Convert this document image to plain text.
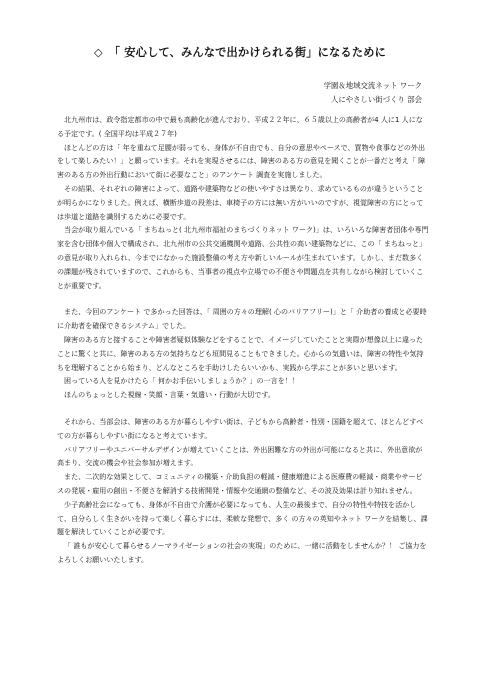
◇ 「 安心して、みんなで出かけられる街」になるために
学園＆地域交流ネット ワーク
人にやさしい街づくり 部会

北九州市は、政令指定都市の中で最も高齢化が進んでおり、平成２２年に、６５歳以上の高齢者が4 人に1 人になる予定です。( 全国平均は平成２７年)

ほとんどの方は「 年を重ねて足腰が弱っても、身体が不自由でも、自分の意思やペースで、買物や食事などの外出をして楽しみたい！」と願っています。それを実現させるには、障害のある方の意見を聞くことが一番だと考え「 障害のある方の外出行動において街に必要なこと」のアンケート 調査を実施しました。

その結果、それぞれの障害によって、道路や建築物などの使いやすさは異なり、求めているものが違うということが明らかになりました。例えば、横断歩道の段差は、車椅子の方には無い方がいいのですが、視覚障害の方にとっては歩道と道路を識別するために必要です。

当会が取り組んでいる「 まちねっと( 北九州市福祉のまちづくりネット ワーク)」は、いろいろな障害者団体や専門家を含む団体や個人で構成され、北九州市の公共交通機関や道路、公共性の高い建築物などに、この「 まちねっと」の意見が取り入れられ、今までになかった施設整備の考え方や新しいルールが生まれています。しかし、まだ数多くの課題が残されていますので、これからも、当事者の視点や立場での不便さや問題点を共有しながら検討していくことが重要です。

また、今回のアンケート で多かった回答は、「 周囲の方々の理解( 心のバリアフリー)」と「 介助者の養成と必要時に介助者を確保できるシステム」でした。

障害のある方と接することや障害者疑似体験などをすることで、イメージしていたことと実際が想像以上に違ったことに驚くと共に、障害のある方の気持ちなども垣間見ることもできました。心からの気遣いは、障害の特性や気持ちを理解することから始まり、どんなところを手助けしたらいいかも、実践から学ぶことが多いと思います。

困っている人を見かけたら「 何かお手伝いしましょうか？」の一言を！！

ほんのちょっとした視線・笑顔・言葉・気遣い・行動が大切です。

それから、当部会は、障害のある方が暮らしやすい街は、子どもから高齢者・性別・国籍を超えて、ほとんどすべての方が暮らしやすい街になると考えています。

バリアフリーやユニバーサルデザインが増えていくことは、外出困難な方の外出が可能になると共に、外出意欲が高まり、交流の機会や社会参加が増えます。

また、二次的な効果として、コミュニティの構築・介助負担の軽減・健康増進による医療費の軽減・商業やサービスの発展・雇用の創出・不便さを解消する技術開発・情報や交通網の整備など、その波及効果は計り知れません。

少子高齢社会になっても、身体が不自由で介護が必要になっても、人生の最後まで、自分の特性や特技を活かして、自分らしく生きがいを持って楽しく暮らすには、柔軟な発想で、多く の方々の英知やネット ワークを結集し、課題を解決していくことが必要です。

「 誰もが安心して暮らせるノーマライゼーションの社会の実現」のために、一緒に活動をしませんか？！ ご協力をよろしくお願いいたします。
